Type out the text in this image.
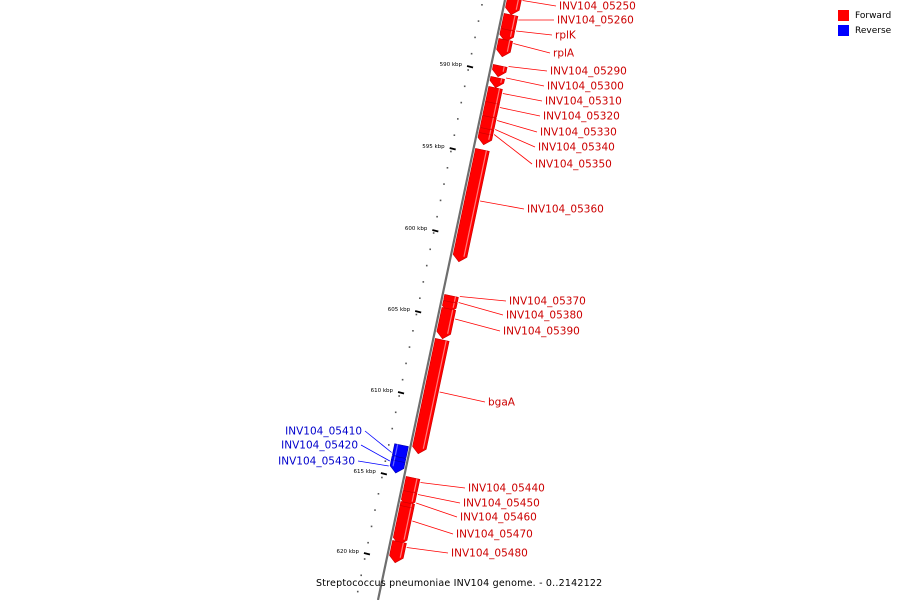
590 kbp
595 kbp
600 kbp
605 kbp
610 kbp
615 kbp
620 kbp
INV104_05250
INV104_05260
rplK
rplA
INV104_05290
INV104_05300
INV104_05310
INV104_05320
INV104_05330
INV104_05340
INV104_05350
INV104_05360
INV104_05370
INV104_05380
INV104_05390
bgaA
INV104_05410
INV104_05420
INV104_05430
INV104_05440
INV104_05450
INV104_05460
INV104_05470
INV104_05480
Forward
Reverse
Streptococcus pneumoniae INV104 genome. - 0..2142122
